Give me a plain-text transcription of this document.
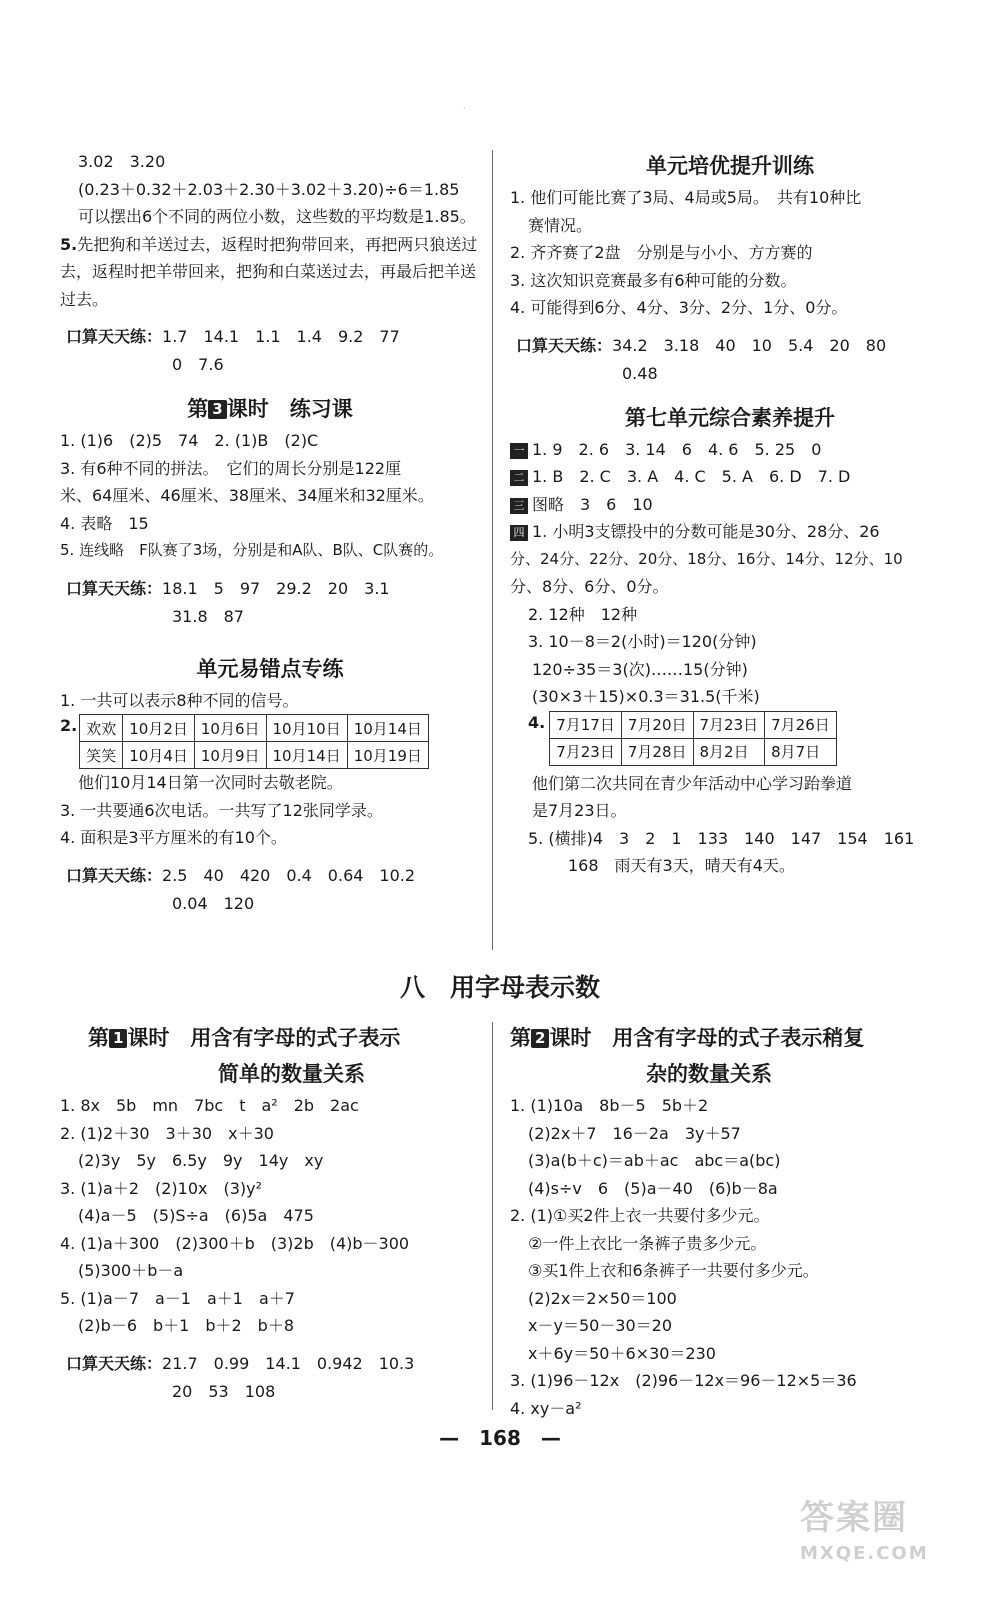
·
3.02　3.20
(0.23＋0.32＋2.03＋2.30＋3.02＋3.20)÷6＝1.85
可以摆出6个不同的两位小数，这些数的平均数是1.85。
5.先把狗和羊送过去，返程时把狗带回来，再把两只狼送过去，返程时把羊带回来，把狗和白菜送过去，再最后把羊送过去。
口算天天练：1.7　14.1　1.1　1.4　9.2　77
0　7.6
第 3 课时　练习课
1. (1)6　(2)5　74　2. (1)B　(2)C
3. 有6种不同的拼法。　它们的周长分别是122厘
米、64厘米、46厘米、38厘米、34厘米和32厘米。
4. 表略　15
5. 连线略　F队赛了3场，分别是和A队、B队、C队赛的。
口算天天练：18.1　5　97　29.2　20　3.1
31.8　87
单元易错点专练
1. 一共可以表示8种不同的信号。
2. 欢欢	10月2日	10月6日	10月10日	10月14日
笑笑	10月4日	10月9日	10月14日	10月19日
他们10月14日第一次同时去敬老院。
3. 一共要通6次电话。一共写了12张同学录。
4. 面积是3平方厘米的有10个。
口算天天练：2.5　40　420　0.4　0.64　10.2
0.04　120
单元培优提升训练
1. 他们可能比赛了3局、4局或5局。　共有10种比
赛情况。
2. 齐齐赛了2盘　分别是与小小、方方赛的
3. 这次知识竞赛最多有6种可能的分数。
4. 可能得到6分、4分、3分、2分、1分、0分。
口算天天练：34.2　3.18　40　10　5.4　20　80
0.48
第七单元综合素养提升
一 1. 9　2. 6　3. 14　6　4. 6　5. 25　0
二 1. B　2. C　3. A　4. C　5. A　6. D　7. D
三 图略　3　6　10
四 1. 小明3支镖投中的分数可能是30分、28分、26
分、24分、22分、20分、18分、16分、14分、12分、10
分、8分、6分、0分。
2. 12种　12种
3. 10－8＝2(小时)＝120(分钟)
120÷35＝3(次)……15(分钟)
(30×3＋15)×0.3＝31.5(千米)
4. 7月17日	7月20日	7月23日	7月26日
7月23日	7月28日	8月2日	8月7日
他们第二次共同在青少年活动中心学习跆拳道
是7月23日。
5. (横排)4　3　2　1　133　140　147　154　161
168　雨天有3天，晴天有4天。
八　用字母表示数
第 1 课时　用含有字母的式子表示
简单的数量关系
1. 8x　5b　mn　7bc　t　a²　2b　2ac
2. (1)2＋30　3＋30　x＋30
(2)3y　5y　6.5y　9y　14y　xy
3. (1)a＋2　(2)10x　(3)y²
(4)a－5　(5)S÷a　(6)5a　475
4. (1)a＋300　(2)300＋b　(3)2b　(4)b－300
(5)300＋b－a
5. (1)a－7　a－1　a＋1　a＋7
(2)b－6　b＋1　b＋2　b＋8
口算天天练：21.7　0.99　14.1　0.942　10.3
20　53　108
第 2 课时　用含有字母的式子表示稍复
杂的数量关系
1. (1)10a　8b－5　5b＋2
(2)2x＋7　16－2a　3y＋57
(3)a(b＋c)＝ab＋ac　abc＝a(bc)
(4)s÷v　6　(5)a－40　(6)b－8a
2. (1)①买2件上衣一共要付多少元。
②一件上衣比一条裤子贵多少元。
③买1件上衣和6条裤子一共要付多少元。
(2)2x＝2×50＝100
x－y＝50－30＝20
x＋6y＝50＋6×30＝230
3. (1)96－12x　(2)96－12x＝96－12×5＝36
4. xy－a²
—　168　—
答案圈
MXQE.COM
